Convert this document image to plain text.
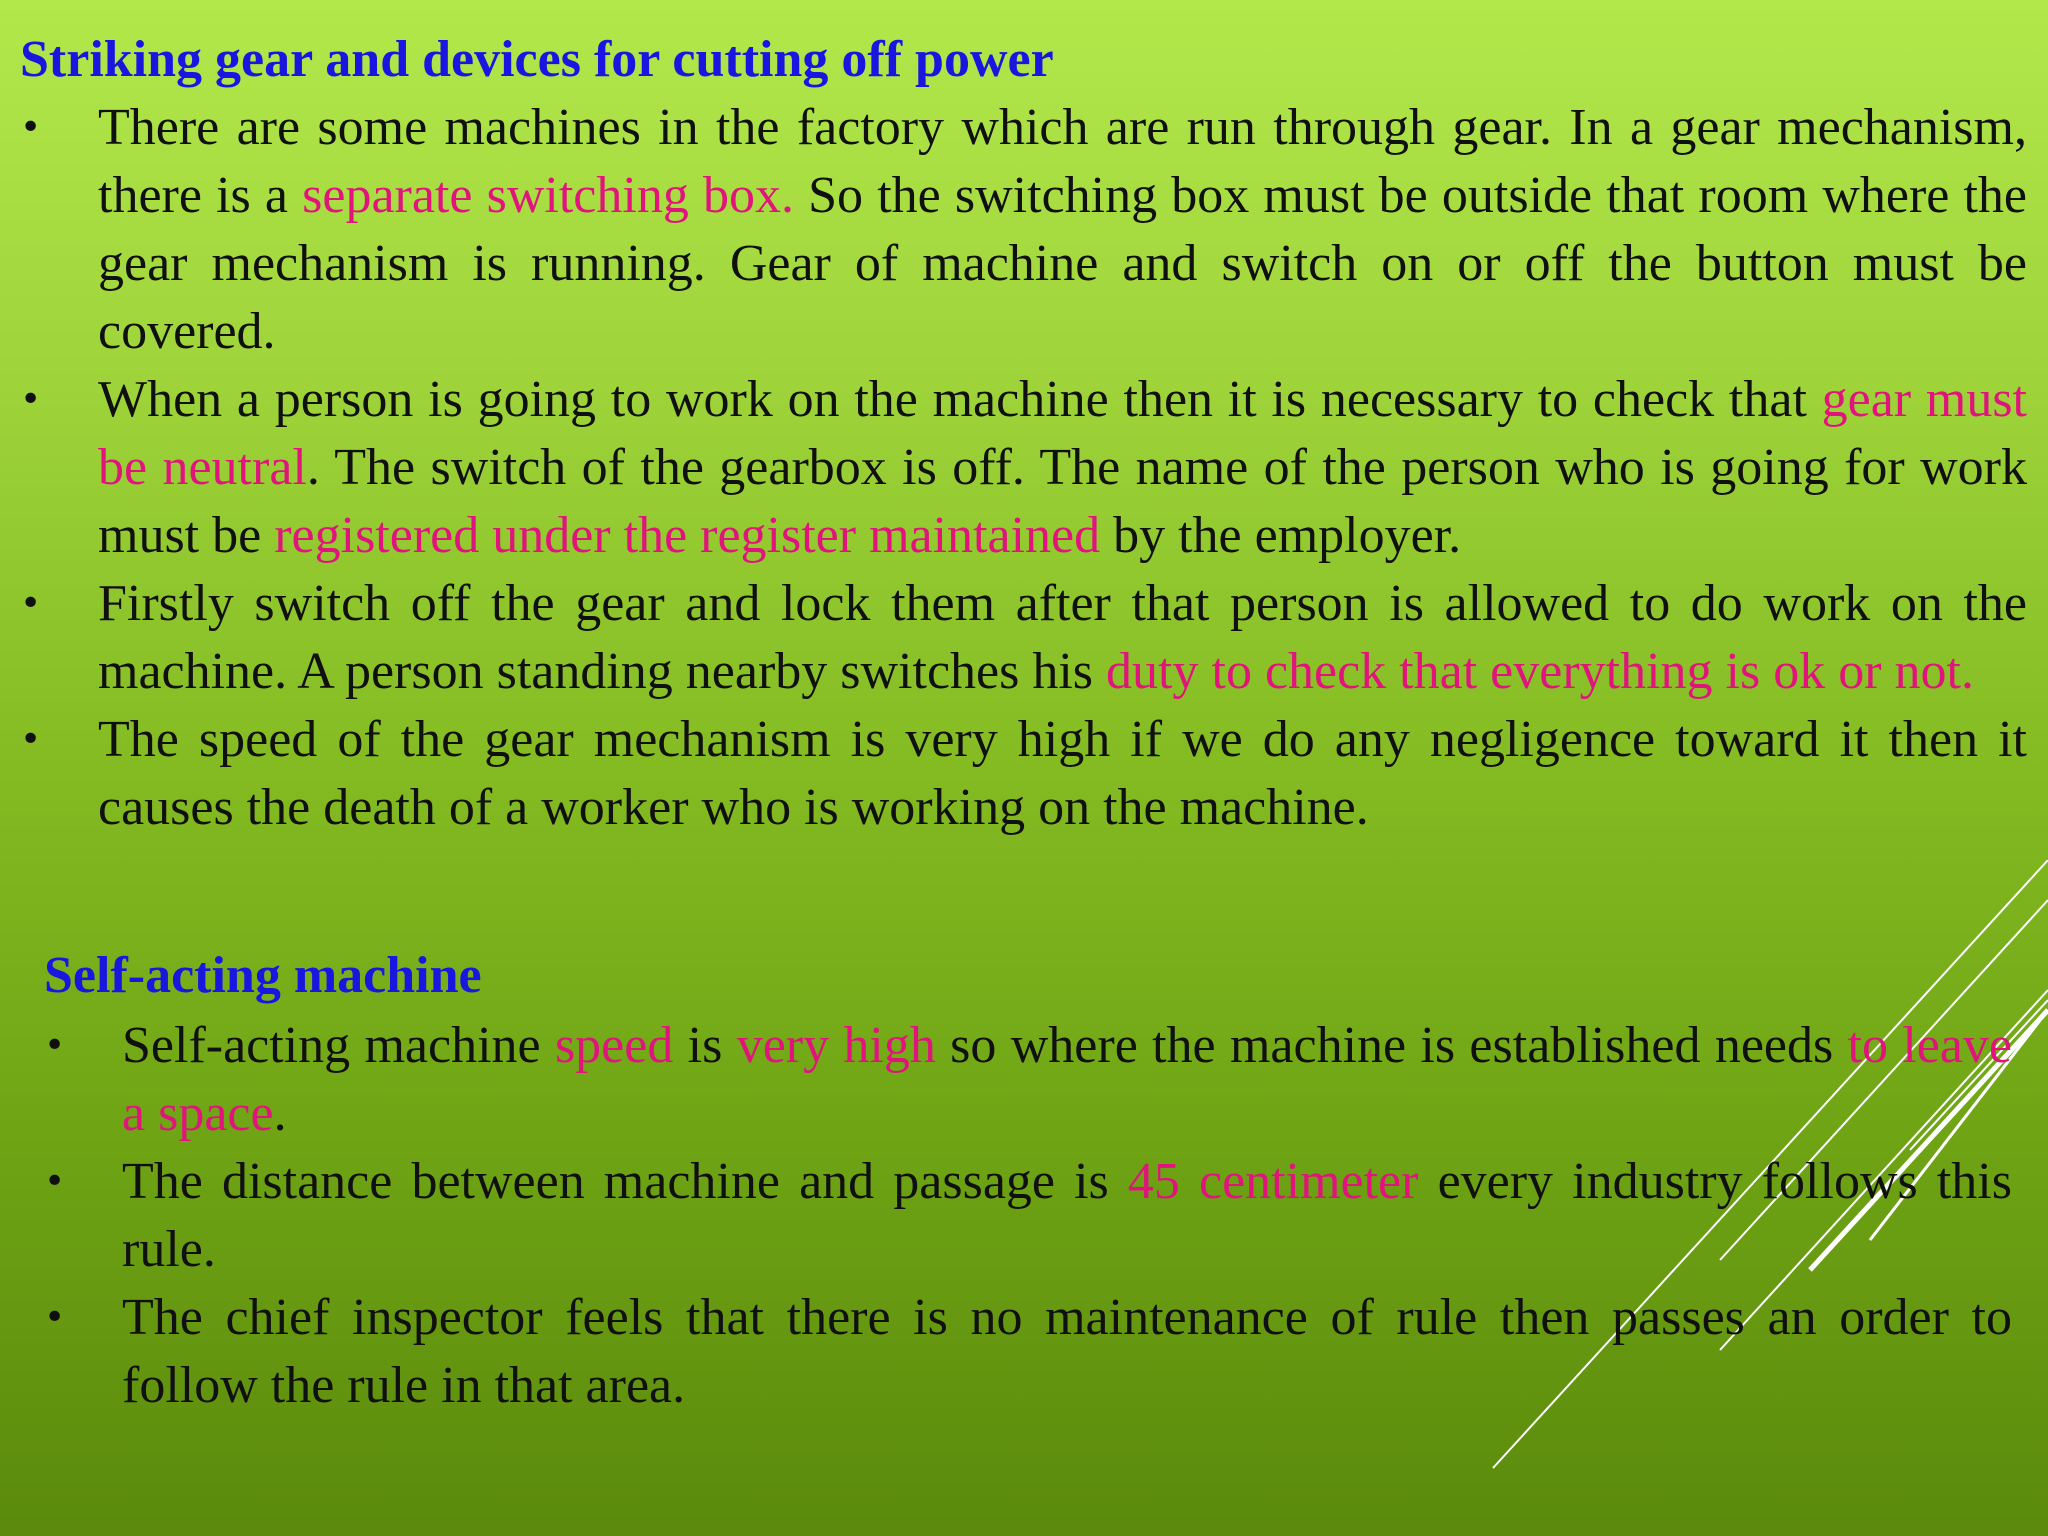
Striking gear and devices for cutting off power
• There are some machines in the factory which are run through gear. In a gear mechanism, there is a separate switching box. So the switching box must be outside that room where the gear mechanism is running. Gear of machine and switch on or off the button must be covered.
• When a person is going to work on the machine then it is necessary to check that gear must be neutral. The switch of the gearbox is off. The name of the person who is going for work must be registered under the register maintained by the employer.
• Firstly switch off the gear and lock them after that person is allowed to do work on the machine. A person standing nearby switches his duty to check that everything is ok or not.
• The speed of the gear mechanism is very high if we do any negligence toward it then it causes the death of a worker who is working on the machine.
Self-acting machine
• Self-acting machine speed is very high so where the machine is established needs to leave a space.
• The distance between machine and passage is 45 centimeter every industry follows this rule.
• The chief inspector feels that there is no maintenance of rule then passes an order to follow the rule in that area.
